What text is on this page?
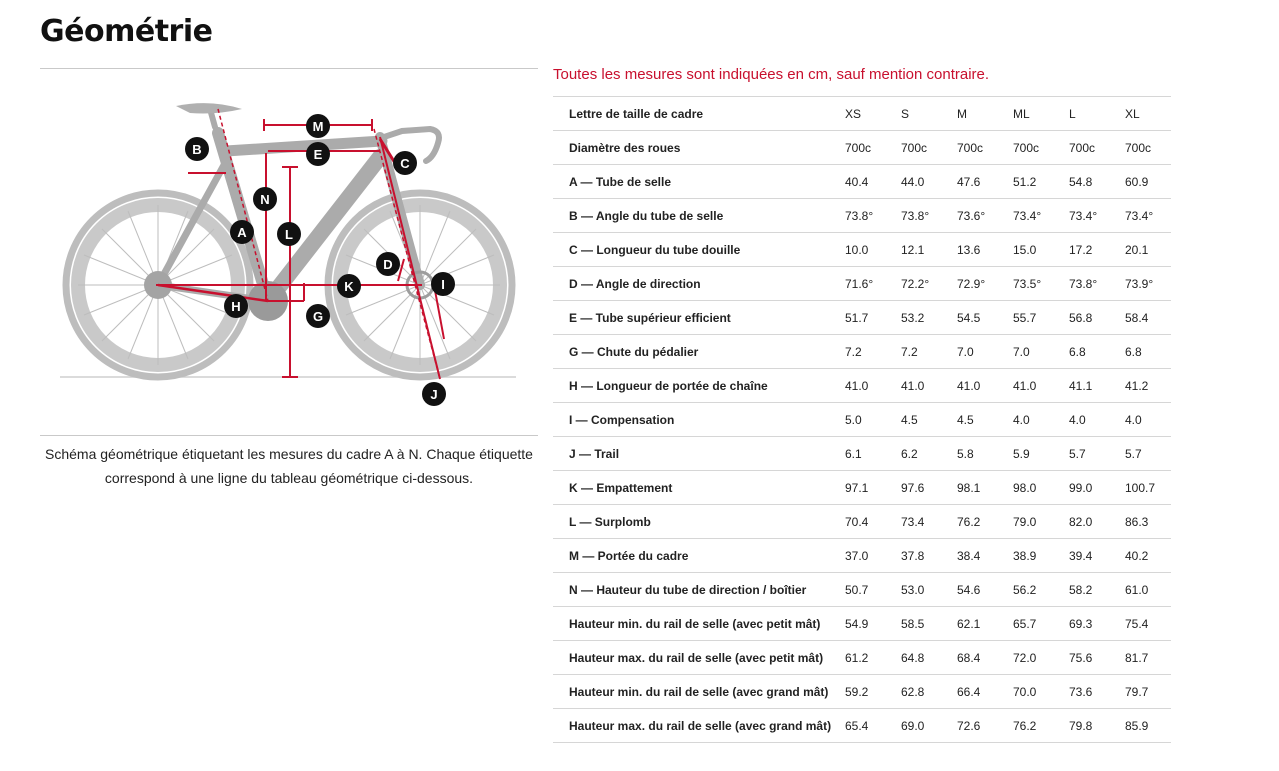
Géométrie
M
E
B
C
N
A	L
D
K	I
H
G
J

Schéma géométrique étiquetant les mesures du cadre A à N. Chaque étiquette correspond à une ligne du tableau géométrique ci-dessous.

Toutes les mesures sont indiquées en cm, sauf mention contraire.

Lettre de taille de cadre	XS	S	M	ML	L	XL
Diamètre des roues	700c	700c	700c	700c	700c	700c
A — Tube de selle	40.4	44.0	47.6	51.2	54.8	60.9
B — Angle du tube de selle	73.8°	73.8°	73.6°	73.4°	73.4°	73.4°
C — Longueur du tube douille	10.0	12.1	13.6	15.0	17.2	20.1
D — Angle de direction	71.6°	72.2°	72.9°	73.5°	73.8°	73.9°
E — Tube supérieur efficient	51.7	53.2	54.5	55.7	56.8	58.4
G — Chute du pédalier	7.2	7.2	7.0	7.0	6.8	6.8
H — Longueur de portée de chaîne	41.0	41.0	41.0	41.0	41.1	41.2
I — Compensation	5.0	4.5	4.5	4.0	4.0	4.0
J — Trail	6.1	6.2	5.8	5.9	5.7	5.7
K — Empattement	97.1	97.6	98.1	98.0	99.0	100.7
L — Surplomb	70.4	73.4	76.2	79.0	82.0	86.3
M — Portée du cadre	37.0	37.8	38.4	38.9	39.4	40.2
N — Hauteur du tube de direction / boîtier	50.7	53.0	54.6	56.2	58.2	61.0
Hauteur min. du rail de selle (avec petit mât)	54.9	58.5	62.1	65.7	69.3	75.4
Hauteur max. du rail de selle (avec petit mât)	61.2	64.8	68.4	72.0	75.6	81.7
Hauteur min. du rail de selle (avec grand mât)	59.2	62.8	66.4	70.0	73.6	79.7
Hauteur max. du rail de selle (avec grand mât)	65.4	69.0	72.6	76.2	79.8	85.9
